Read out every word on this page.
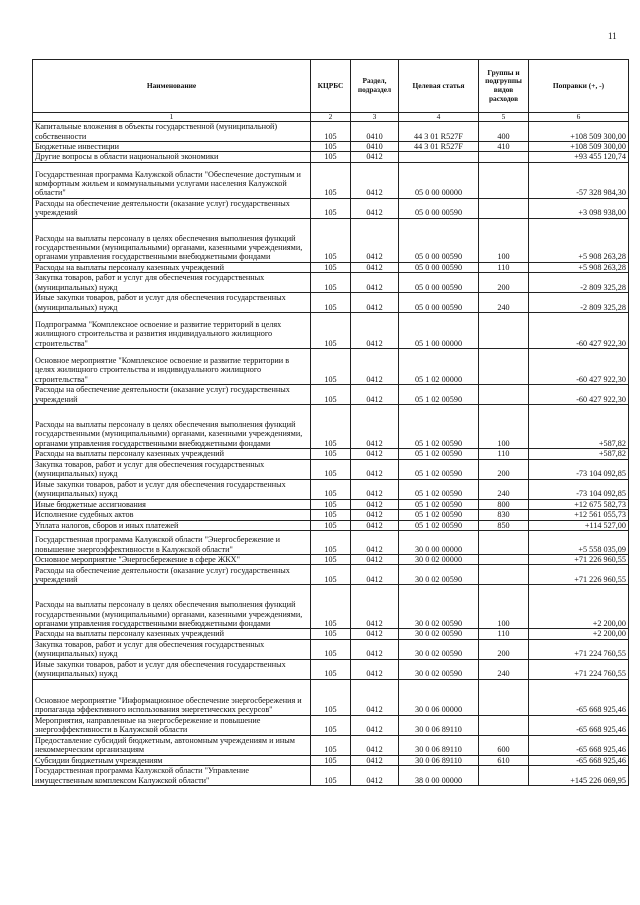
11
Наименование	КЦРБС	Раздел, подраздел	Целевая статья	Группы и подгруппы видов расходов	Поправки (+, -)
1	2	3	4	5	6
Капитальные вложения в объекты государственной (муниципальной) собственности	105	0410	44 3 01 R527F	400	+108 509 300,00
Бюджетные инвестиции	105	0410	44 3 01 R527F	410	+108 509 300,00
Другие вопросы в области национальной экономики	105	0412			+93 455 120,74
Государственная программа Калужской области "Обеспечение доступным и комфортным жильем и коммунальными услугами населения Калужской области"	105	0412	05 0 00 00000		-57 328 984,30
Расходы на обеспечение деятельности (оказание услуг) государственных учреждений	105	0412	05 0 00 00590		+3 098 938,00
Расходы на выплаты персоналу в целях обеспечения выполнения функций государственными (муниципальными) органами, казенными учреждениями, органами управления государственными внебюджетными фондами	105	0412	05 0 00 00590	100	+5 908 263,28
Расходы на выплаты персоналу казенных учреждений	105	0412	05 0 00 00590	110	+5 908 263,28
Закупка товаров, работ и услуг для обеспечения государственных (муниципальных) нужд	105	0412	05 0 00 00590	200	-2 809 325,28
Иные закупки товаров, работ и услуг для обеспечения государственных (муниципальных) нужд	105	0412	05 0 00 00590	240	-2 809 325,28
Подпрограмма "Комплексное освоение и развитие территорий в целях жилищного строительства и развития индивидуального жилищного строительства"	105	0412	05 1 00 00000		-60 427 922,30
Основное мероприятие "Комплексное освоение и развитие территории в целях жилищного строительства и индивидуального жилищного строительства"	105	0412	05 1 02 00000		-60 427 922,30
Расходы на обеспечение деятельности (оказание услуг) государственных учреждений	105	0412	05 1 02 00590		-60 427 922,30
Расходы на выплаты персоналу в целях обеспечения выполнения функций государственными (муниципальными) органами, казенными учреждениями, органами управления государственными внебюджетными фондами	105	0412	05 1 02 00590	100	+587,82
Расходы на выплаты персоналу казенных учреждений	105	0412	05 1 02 00590	110	+587,82
Закупка товаров, работ и услуг для обеспечения государственных (муниципальных) нужд	105	0412	05 1 02 00590	200	-73 104 092,85
Иные закупки товаров, работ и услуг для обеспечения государственных (муниципальных) нужд	105	0412	05 1 02 00590	240	-73 104 092,85
Иные бюджетные ассигнования	105	0412	05 1 02 00590	800	+12 675 582,73
Исполнение судебных актов	105	0412	05 1 02 00590	830	+12 561 055,73
Уплата налогов, сборов и иных платежей	105	0412	05 1 02 00590	850	+114 527,00
Государственная программа Калужской области "Энергосбережение и повышение энергоэффективности в Калужской области"	105	0412	30 0 00 00000		+5 558 035,09
Основное мероприятие "Энергосбережение в сфере ЖКХ"	105	0412	30 0 02 00000		+71 226 960,55
Расходы на обеспечение деятельности (оказание услуг) государственных учреждений	105	0412	30 0 02 00590		+71 226 960,55
Расходы на выплаты персоналу в целях обеспечения выполнения функций государственными (муниципальными) органами, казенными учреждениями, органами управления государственными внебюджетными фондами	105	0412	30 0 02 00590	100	+2 200,00
Расходы на выплаты персоналу казенных учреждений	105	0412	30 0 02 00590	110	+2 200,00
Закупка товаров, работ и услуг для обеспечения государственных (муниципальных) нужд	105	0412	30 0 02 00590	200	+71 224 760,55
Иные закупки товаров, работ и услуг для обеспечения государственных (муниципальных) нужд	105	0412	30 0 02 00590	240	+71 224 760,55
Основное мероприятие "Информационное обеспечение энергосбережения и пропаганда эффективного использования энергетических ресурсов"	105	0412	30 0 06 00000		-65 668 925,46
Мероприятия, направленные на энергосбережение и повышение энергоэффективности в Калужской области	105	0412	30 0 06 89110		-65 668 925,46
Предоставление субсидий бюджетным, автономным учреждениям и иным некоммерческим организациям	105	0412	30 0 06 89110	600	-65 668 925,46
Субсидии бюджетным учреждениям	105	0412	30 0 06 89110	610	-65 668 925,46
Государственная программа Калужской области "Управление имущественным комплексом Калужской области"	105	0412	38 0 00 00000		+145 226 069,95
